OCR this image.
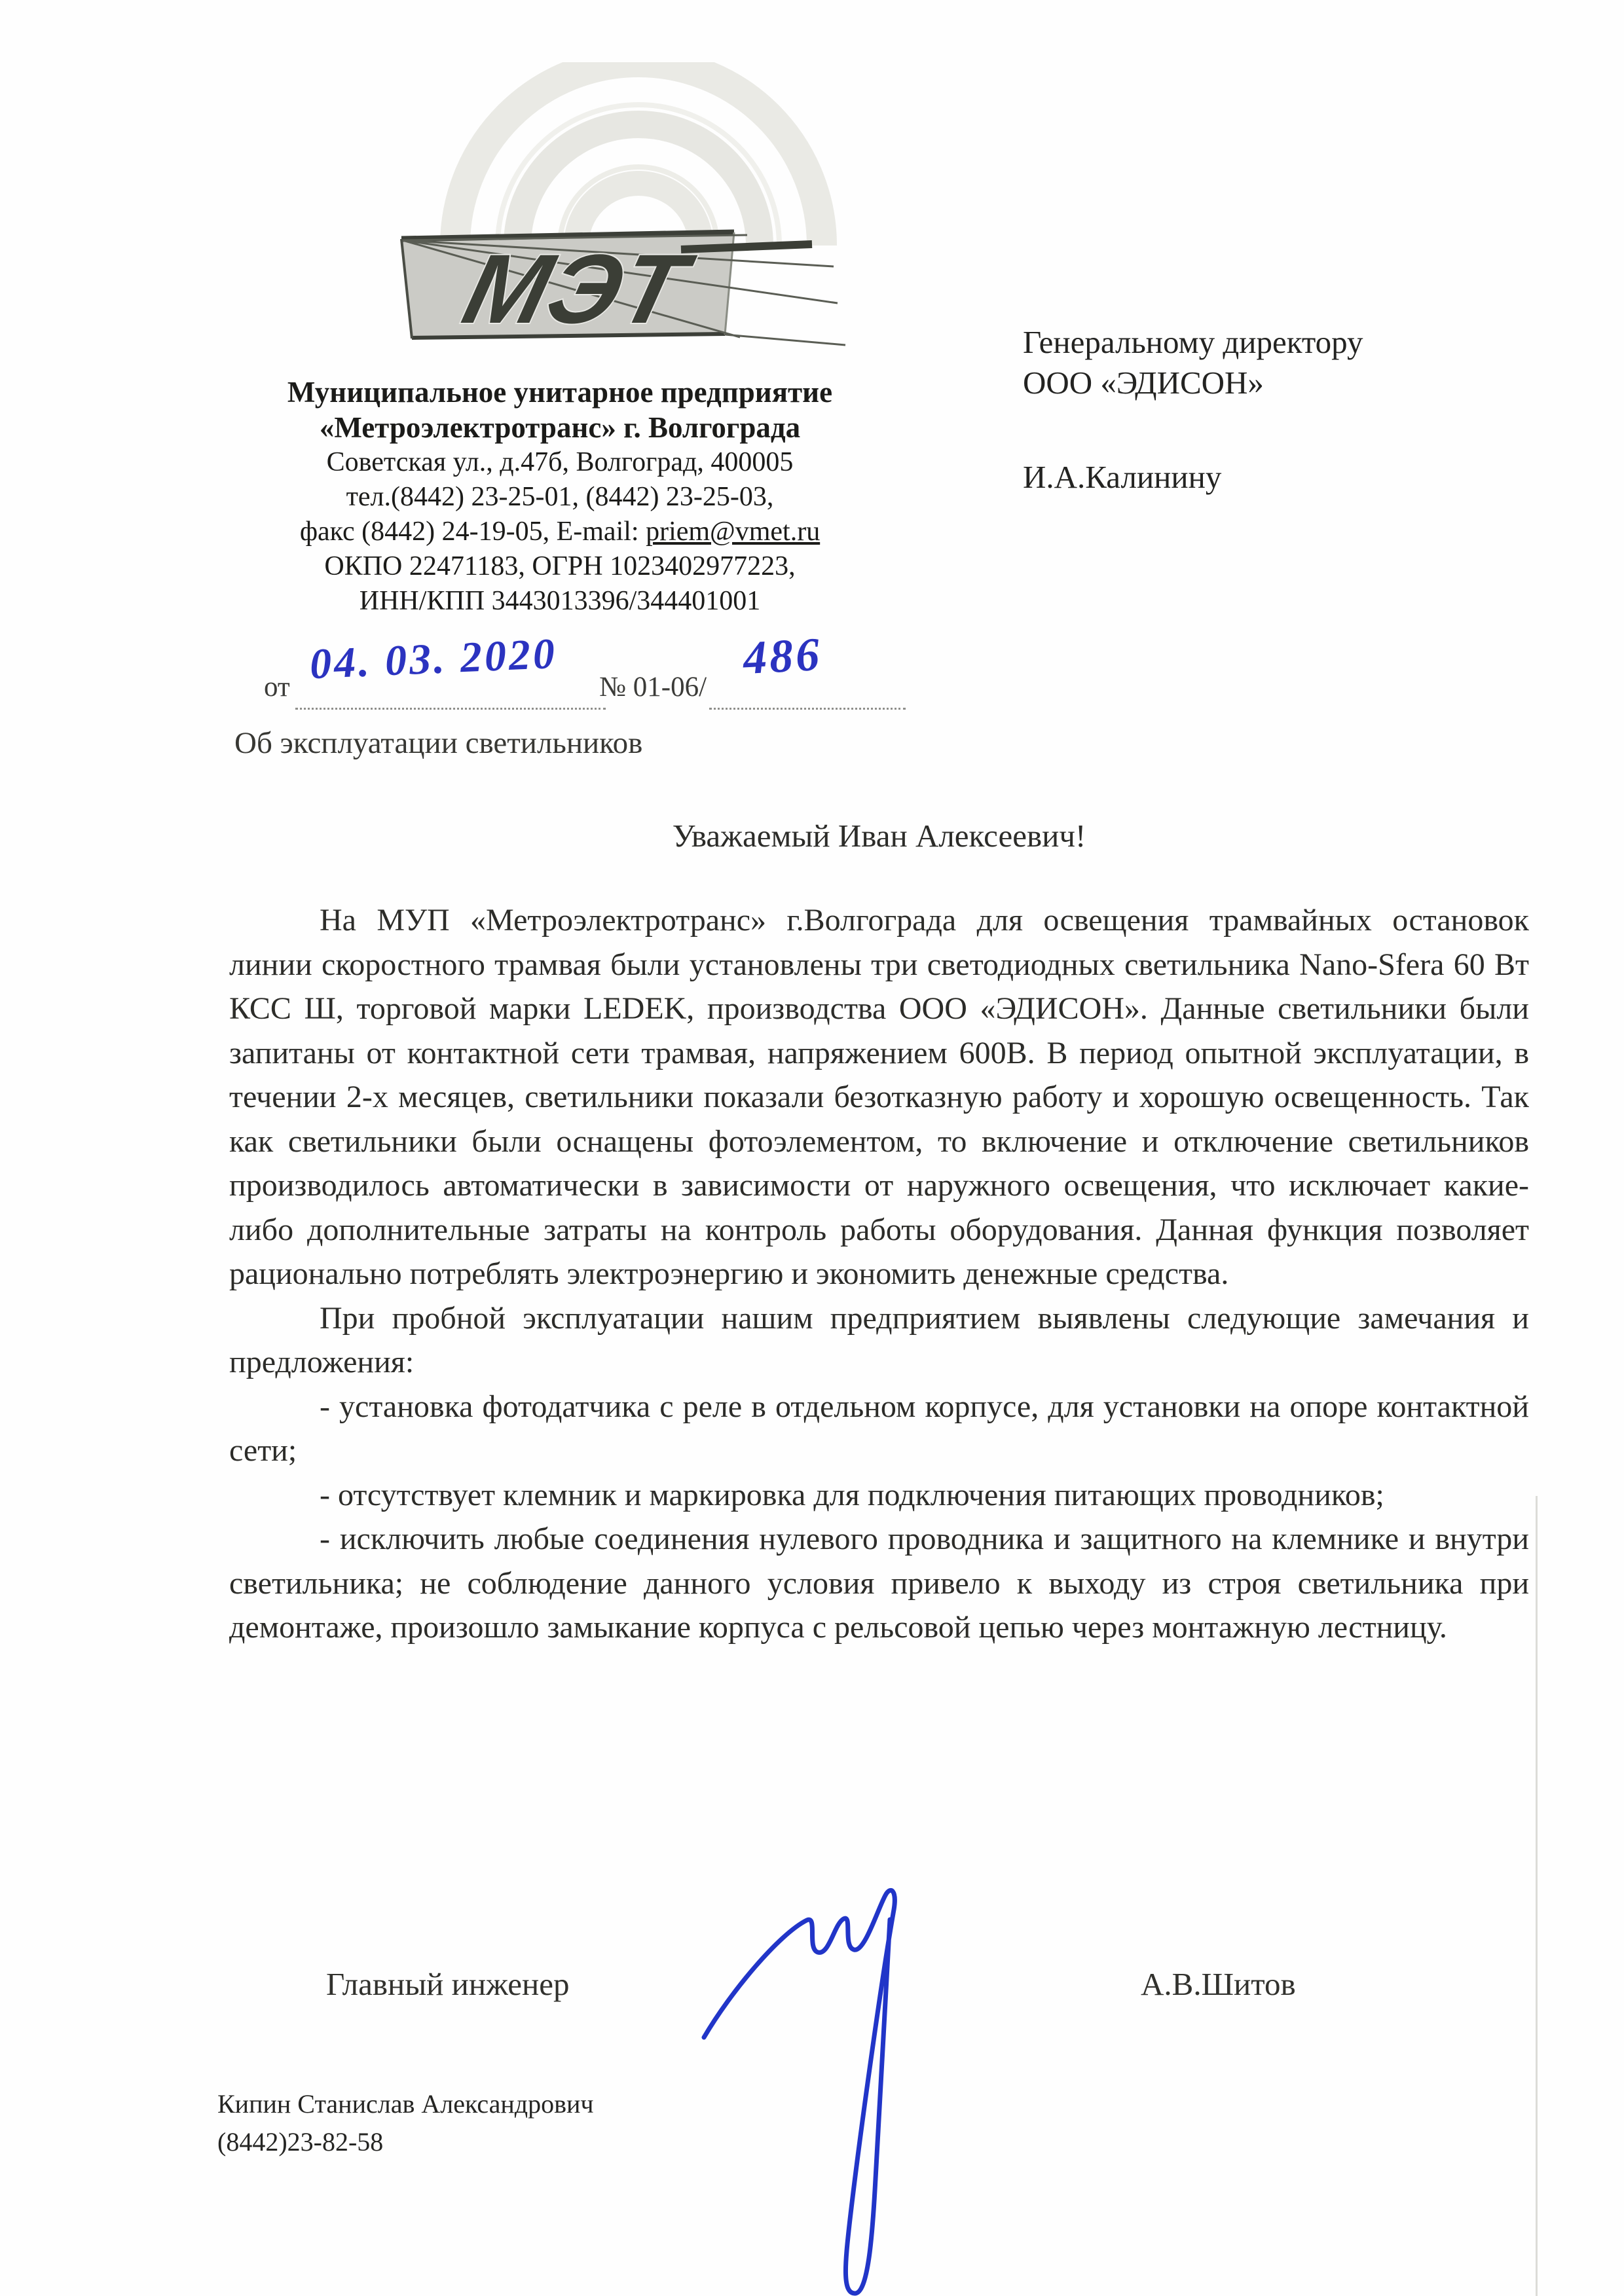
МЭТ
Муниципальное унитарное предприятие
«Метроэлектротранс» г. Волгограда
Советская ул., д.47б, Волгоград, 400005
тел.(8442) 23-25-01, (8442) 23-25-03,
факс (8442) 24-19-05, E-mail: priem@vmet.ru
ОКПО 22471183, ОГРН 1023402977223,
ИНН/КПП 3443013396/344401001
Генеральному директору
ООО «ЭДИСОН»
И.А.Калинину
от 04. 03. 2020 № 01-06/
486
Об эксплуатации светильников
Уважаемый Иван Алексеевич!

На МУП «Метроэлектротранс» г.Волгограда для освещения трамвайных остановок линии скоростного трамвая были установлены три светодиодных светильника Nano-Sfera 60 Вт КСС Ш, торговой марки LEDEK, производства ООО «ЭДИСОН». Данные светильники были запитаны от контактной сети трамвая, напряжением 600В. В период опытной эксплуатации, в течении 2-х месяцев, светильники показали безотказную работу и хорошую освещенность. Так как светильники были оснащены фотоэлементом, то включение и отключение светильников производилось автоматически в зависимости от наружного освещения, что исключает какие-либо дополнительные затраты на контроль работы оборудования. Данная функция позволяет рационально потреблять электроэнергию и экономить денежные средства.

При пробной эксплуатации нашим предприятием выявлены следующие замечания и предложения:

- установка фотодатчика с реле в отдельном корпусе, для установки на опоре контактной сети;

- отсутствует клемник и маркировка для подключения питающих проводников;

- исключить любые соединения нулевого проводника и защитного на клемнике и внутри светильника; не соблюдение данного условия привело к выходу из строя светильника при демонтаже, произошло замыкание корпуса с рельсовой цепью через монтажную лестницу.

Главный инженер	А.В.Шитов
Кипин Станислав Александрович
(8442)23-82-58
